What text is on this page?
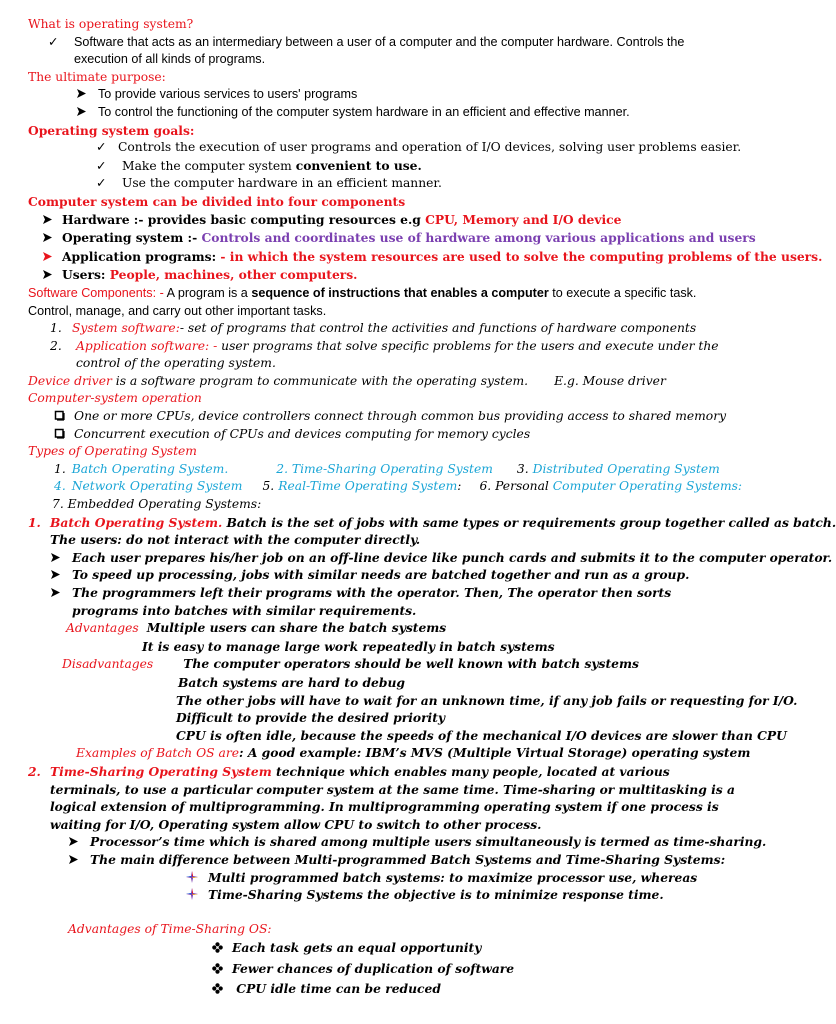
What is operating system?
✓ Software that acts as an intermediary between a user of a computer and the computer hardware. Controls the execution of all kinds of programs.
The ultimate purpose:
To provide various services to users' programs
To control the functioning of the computer system hardware in an efficient and effective manner.
Operating system goals:
✓ Controls the execution of user programs and operation of I/O devices, solving user problems easier.
✓ Make the computer system convenient to use.
✓ Use the computer hardware in an efficient manner.
Computer system can be divided into four components
Hardware :- provides basic computing resources e.g CPU, Memory and I/O device
Operating system :- Controls and coordinates use of hardware among various applications and users
Application programs: - in which the system resources are used to solve the computing problems of the users.
Users: People, machines, other computers.
Software Components: - A program is a sequence of instructions that enables a computer to execute a specific task. Control, manage, and carry out other important tasks.
1. System software:- set of programs that control the activities and functions of hardware components
2. Application software: - user programs that solve specific problems for the users and execute under the control of the operating system.
Device driver is a software program to communicate with the operating system. E.g. Mouse driver
Computer-system operation
One or more CPUs, device controllers connect through common bus providing access to shared memory
Concurrent execution of CPUs and devices computing for memory cycles
Types of Operating System
1. Batch Operating System.	2. Time-Sharing Operating System 3. Distributed Operating System
4. Network Operating System 5. Real-Time Operating System: 6. Personal Computer Operating Systems:
7. Embedded Operating Systems:
1. Batch Operating System. Batch is the set of jobs with same types or requirements group together called as batch.
The users: do not interact with the computer directly.
Each user prepares his/her job on an off-line device like punch cards and submits it to the computer operator.
To speed up processing, jobs with similar needs are batched together and run as a group.
The programmers left their programs with the operator. Then, The operator then sorts programs into batches with similar requirements.
Advantages Multiple users can share the batch systems
It is easy to manage large work repeatedly in batch systems
Disadvantages The computer operators should be well known with batch systems
Batch systems are hard to debug
The other jobs will have to wait for an unknown time, if any job fails or requesting for I/O.
Difficult to provide the desired priority
CPU is often idle, because the speeds of the mechanical I/O devices are slower than CPU
Examples of Batch OS are: A good example: IBM’s MVS (Multiple Virtual Storage) operating system
2. Time-Sharing Operating System technique which enables many people, located at various terminals, to use a particular computer system at the same time. Time-sharing or multitasking is a logical extension of multiprogramming. In multiprogramming operating system if one process is waiting for I/O, Operating system allow CPU to switch to other process.
Processor’s time which is shared among multiple users simultaneously is termed as time-sharing.
The main difference between Multi-programmed Batch Systems and Time-Sharing Systems:
Multi programmed batch systems: to maximize processor use, whereas
Time-Sharing Systems the objective is to minimize response time.
Advantages of Time-Sharing OS:
Each task gets an equal opportunity
Fewer chances of duplication of software
CPU idle time can be reduced
